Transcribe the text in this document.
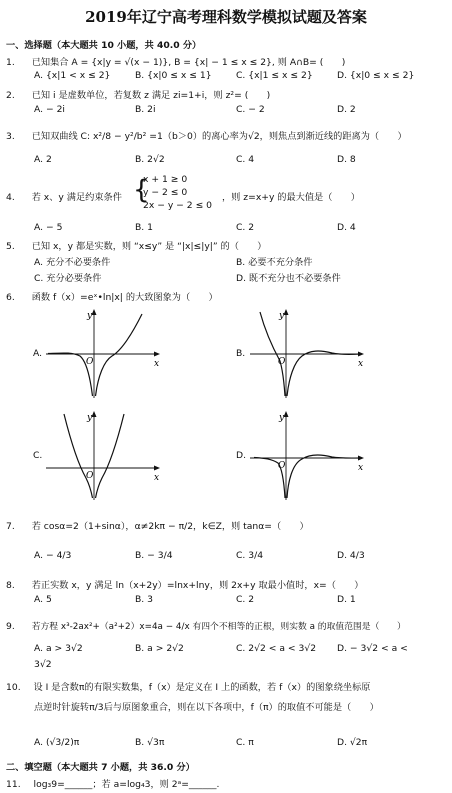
2019年辽宁高考理科数学模拟试题及答案
一、选择题（本大题共 10 小题，共 40.0 分）
1. 已知集合 A = {x|y = √(x − 1)}, B = {x| − 1 ≤ x ≤ 2}, 则 A∩B= (　　)
A. {x|1 < x ≤ 2}	B. {x|0 ≤ x ≤ 1}	C. {x|1 ≤ x ≤ 2}	D. {x|0 ≤ x ≤ 2}
2. 已知 i 是虚数单位，若复数 z 满足 zi=1+i，则 z²= (　　)
A. − 2i	B. 2i	C. − 2	D. 2
3. 已知双曲线 C: x²/8 − y²/b² =1（b＞0）的离心率为√2，则焦点到渐近线的距离为（　　）
A. 2	B. 2√2	C. 4	D. 8
4. 若 x、y 满足约束条件 {
x + 1 ≥ 0
y − 2 ≤ 0
2x − y − 2 ≤ 0
，则 z=x+y 的最大值是（　　）
A. − 5	B. 1	C. 2	D. 4
5. 已知 x，y 都是实数，则 “x≤y” 是 “|x|≤|y|” 的（　　）
A. 充分不必要条件	B. 必要不充分条件
C. 充分必要条件	D. 既不充分也不必要条件
6. 函数 f（x）=eˣ•ln|x| 的大致图象为（　　）
A.	B.
C.	D.
y
O	x
y
O	x
y
O	x
y
O	x
7. 若 cosα=2（1+sinα），α≠2kπ − π/2，k∈Z，则 tanα=（　　）
A. − 4/3	B. − 3/4	C. 3/4	D. 4/3
8. 若正实数 x，y 满足 ln（x+2y）=lnx+lny，则 2x+y 取最小值时，x=（　　）
A. 5	B. 3	C. 2	D. 1
9. 若方程 x³-2ax²+（a²+2）x=4a − 4/x 有四个不相等的正根，则实数 a 的取值范围是（　　）
A. a > 3√2	B. a > 2√2	C. 2√2 < a < 3√2 D. − 3√2 < a <
3√2
10. 设 I 是含数π的有限实数集，f（x）是定义在 I 上的函数，若 f（x）的图象绕坐标原
点逆时针旋转π/3后与原图象重合，则在以下各项中，f（π）的取值不可能是（　　）
A. (√3/2)π	B. √3π	C. π	D. √2π
二、填空题（本大题共 7 小题，共 36.0 分）
11. log₃9=______；若 a=log₄3，则 2ᵃ=______.
